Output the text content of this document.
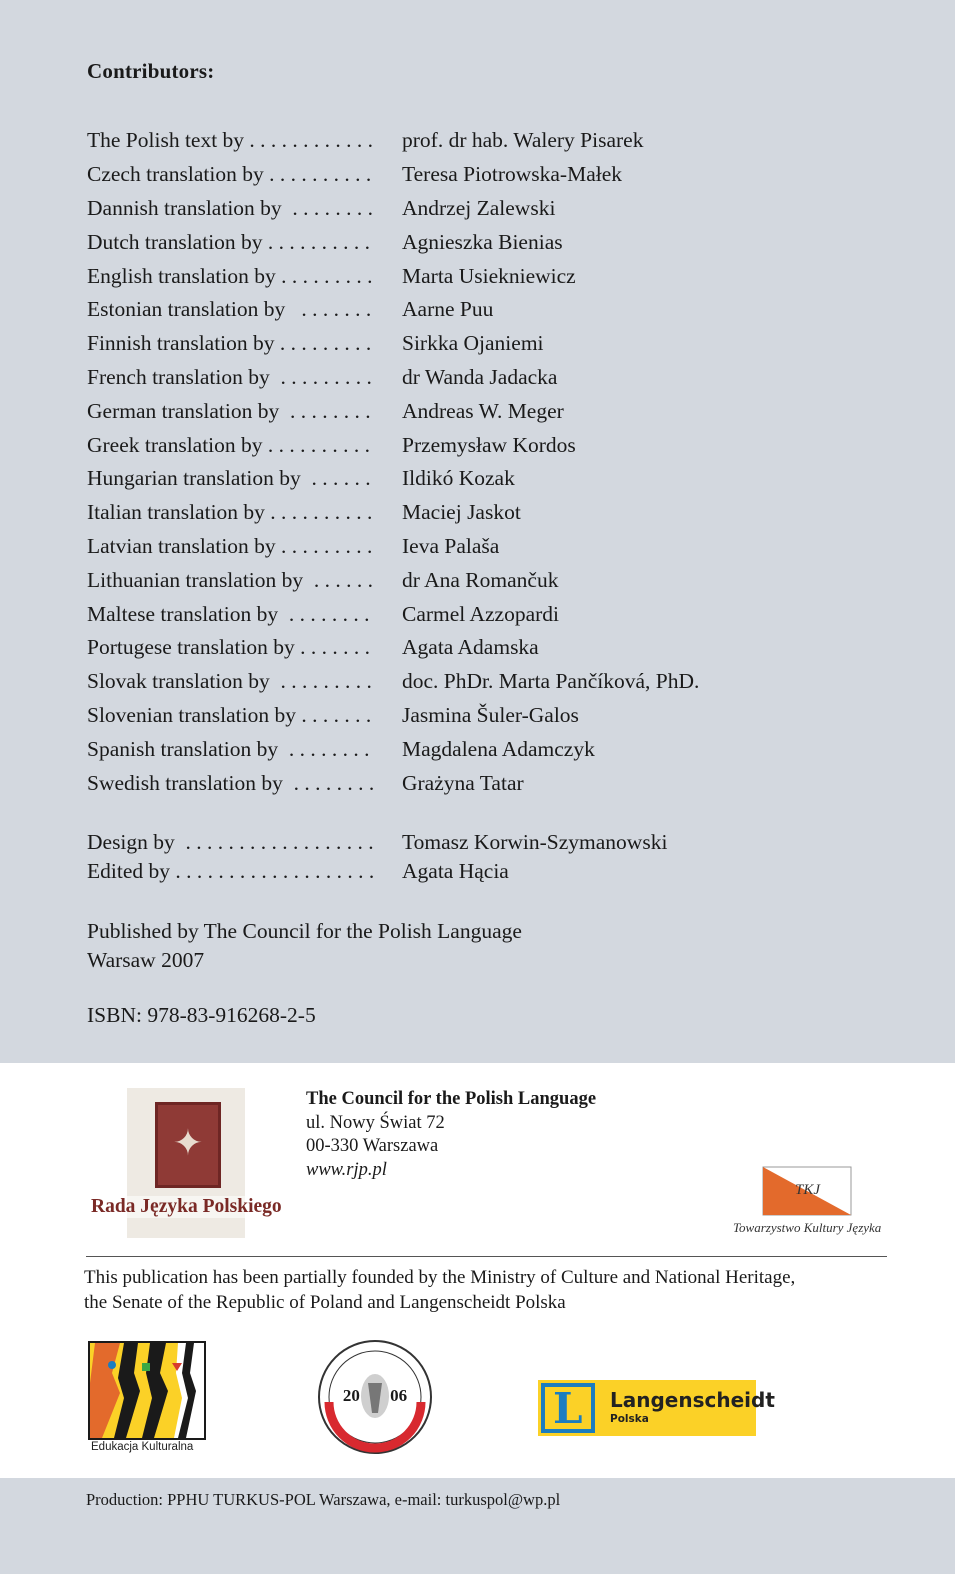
Contributors:
The Polish text by . . . . . . . . . . . .	prof. dr hab. Walery Pisarek
Czech translation by . . . . . . . . . .	Teresa Piotrowska-Małek
Dannish translation by  . . . . . . . .	Andrzej Zalewski
Dutch translation by . . . . . . . . . .	Agnieszka Bienias
English translation by . . . . . . . . .	Marta Usiekniewicz
Estonian translation by   . . . . . . .	Aarne Puu
Finnish translation by . . . . . . . . .	Sirkka Ojaniemi
French translation by  . . . . . . . . .	dr Wanda Jadacka
German translation by  . . . . . . . .	Andreas W. Meger
Greek translation by . . . . . . . . . .	Przemysław Kordos
Hungarian translation by  . . . . . .	Ildikó Kozak
Italian translation by . . . . . . . . . .	Maciej Jaskot
Latvian translation by . . . . . . . . .	Ieva Palaša
Lithuanian translation by  . . . . . .	dr Ana Romančuk
Maltese translation by  . . . . . . . .	Carmel Azzopardi
Portugese translation by . . . . . . .	Agata Adamska
Slovak translation by  . . . . . . . . .	doc. PhDr. Marta Pančíková, PhD.
Slovenian translation by . . . . . . .	Jasmina Šuler-Galos
Spanish translation by  . . . . . . . .	Magdalena Adamczyk
Swedish translation by  . . . . . . . .	Grażyna Tatar
Design by  . . . . . . . . . . . . . . . . . .	Tomasz Korwin-Szymanowski
Edited by . . . . . . . . . . . . . . . . . . .	Agata Hącia
Published by The Council for the Polish Language
Warsaw 2007
ISBN: 978-83-916268-2-5
✦
Rada Języka Polskiego
The Council for the Polish Language
ul. Nowy Świat 72
00-330 Warszawa
www.rjp.pl
TKJ
Towarzystwo Kultury Języka
This publication has been partially founded by the Ministry of Culture and National Heritage,
the Senate of the Republic of Poland and Langenscheidt Polska
Edukacja Kulturalna
20 06	L Langenscheidt
Polska
Production: PPHU TURKUS-POL Warszawa, e-mail: turkuspol@wp.pl
